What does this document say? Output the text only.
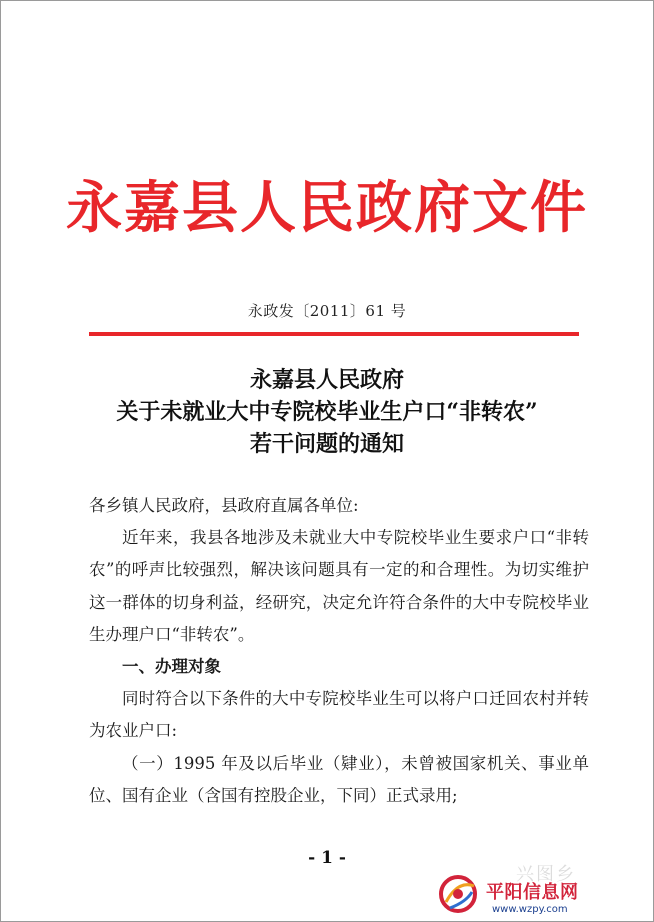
永嘉县人民政府文件
永政发〔2011〕61 号
永嘉县人民政府
关于未就业大中专院校毕业生户口“非转农”
若干问题的通知

各乡镇人民政府，县政府直属各单位:

近年来，我县各地涉及未就业大中专院校毕业生要求户口“非转农”的呼声比较强烈，解决该问题具有一定的和合理性。为切实维护这一群体的切身利益，经研究，决定允许符合条件的大中专院校毕业生办理户口“非转农”。

一、办理对象

同时符合以下条件的大中专院校毕业生可以将户口迁回农村并转为农业户口:

（一）1995 年及以后毕业（肄业），未曾被国家机关、事业单位、国有企业（含国有控股企业，下同）正式录用;

- 1 -
兴图乡
平阳信息网
www.wzpy.com
